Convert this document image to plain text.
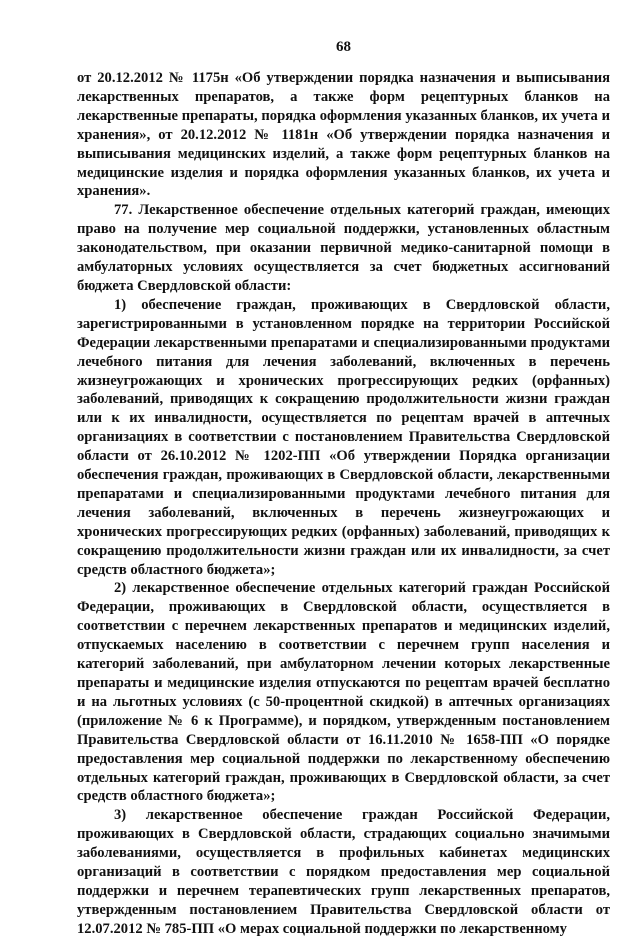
68

от 20.12.2012 № 1175н «Об утверждении порядка назначения и выписывания лекарственных препаратов, а также форм рецептурных бланков на лекарственные препараты, порядка оформления указанных бланков, их учета и хранения», от 20.12.2012 № 1181н «Об утверждении порядка назначения и выписывания медицинских изделий, а также форм рецептурных бланков на медицинские изделия и порядка оформления указанных бланков, их учета и хранения».

77. Лекарственное обеспечение отдельных категорий граждан, имеющих право на получение мер социальной поддержки, установленных областным законодательством, при оказании первичной медико-санитарной помощи в амбулаторных условиях осуществляется за счет бюджетных ассигнований бюджета Свердловской области:

1) обеспечение граждан, проживающих в Свердловской области, зарегистрированными в установленном порядке на территории Российской Федерации лекарственными препаратами и специализированными продуктами лечебного питания для лечения заболеваний, включенных в перечень жизнеугрожающих и хронических прогрессирующих редких (орфанных) заболеваний, приводящих к сокращению продолжительности жизни граждан или к их инвалидности, осуществляется по рецептам врачей в аптечных организациях в соответствии с постановлением Правительства Свердловской области от 26.10.2012 № 1202-ПП «Об утверждении Порядка организации обеспечения граждан, проживающих в Свердловской области, лекарственными препаратами и специализированными продуктами лечебного питания для лечения заболеваний, включенных в перечень жизнеугрожающих и хронических прогрессирующих редких (орфанных) заболеваний, приводящих к сокращению продолжительности жизни граждан или их инвалидности, за счет средств областного бюджета»;

2) лекарственное обеспечение отдельных категорий граждан Российской Федерации, проживающих в Свердловской области, осуществляется в соответствии с перечнем лекарственных препаратов и медицинских изделий, отпускаемых населению в соответствии с перечнем групп населения и категорий заболеваний, при амбулаторном лечении которых лекарственные препараты и медицинские изделия отпускаются по рецептам врачей бесплатно и на льготных условиях (с 50-процентной скидкой) в аптечных организациях (приложение № 6 к Программе), и порядком, утвержденным постановлением Правительства Свердловской области от 16.11.2010 № 1658-ПП «О порядке предоставления мер социальной поддержки по лекарственному обеспечению отдельных категорий граждан, проживающих в Свердловской области, за счет средств областного бюджета»;

3) лекарственное обеспечение граждан Российской Федерации, проживающих в Свердловской области, страдающих социально значимыми заболеваниями, осуществляется в профильных кабинетах медицинских организаций в соответствии с порядком предоставления мер социальной поддержки и перечнем терапевтических групп лекарственных препаратов, утвержденным постановлением Правительства Свердловской области от 12.07.2012 № 785-ПП «О мерах социальной поддержки по лекарственному
